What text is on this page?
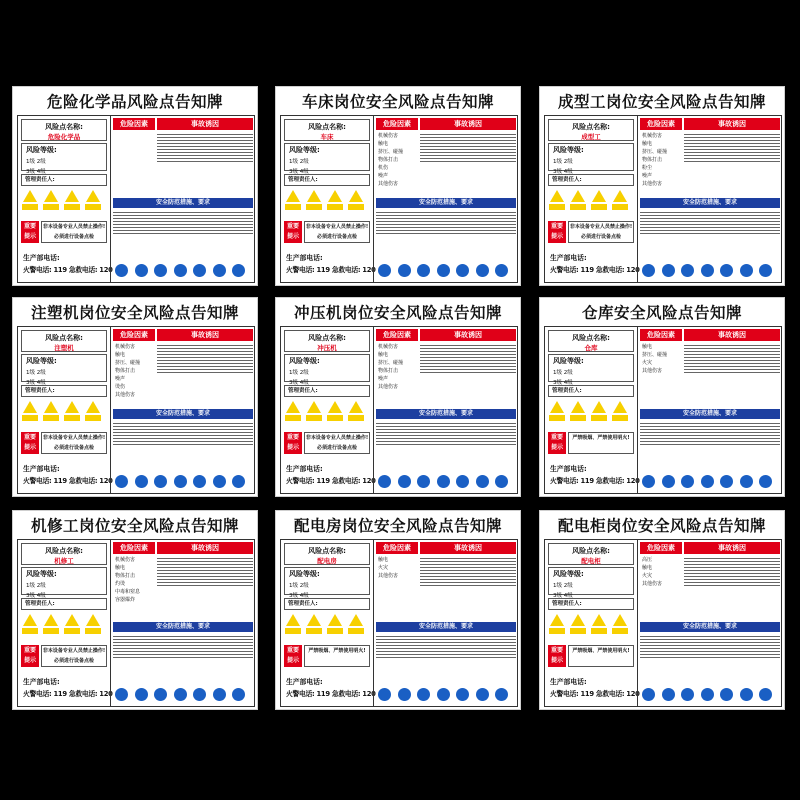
危险化学品风险点告知牌
风险点名称:
危险化学品
风险等级:
1级 2级
3级 4级
管理责任人:
重要
提示
非本设备专业人员禁止操作! 必须进行设备点检
生产部电话:
火警电话: 119 急救电话: 120
危险因素	事故诱因
安全防范措施、要求
车床岗位安全风险点告知牌
风险点名称:
车床
风险等级:
1级 2级
3级 4级
管理责任人:
重要
提示
非本设备专业人员禁止操作! 必须进行设备点检
生产部电话:
火警电话: 119 急救电话: 120
危险因素	事故诱因
机械伤害
触电
挤压、碰撞
物体打击
机伤
噪声
其他伤害
安全防范措施、要求
成型工岗位安全风险点告知牌
风险点名称:
成型工
风险等级:
1级 2级
3级 4级
管理责任人:
重要
提示
非本设备专业人员禁止操作! 必须进行设备点检
生产部电话:
火警电话: 119 急救电话: 120
危险因素	事故诱因
机械伤害
触电
挤压、碰撞
物体打击
粉尘
噪声
其他伤害
安全防范措施、要求
注塑机岗位安全风险点告知牌
风险点名称:
注塑机
风险等级:
1级 2级
3级 4级
管理责任人:
重要
提示
非本设备专业人员禁止操作! 必须进行设备点检
生产部电话:
火警电话: 119 急救电话: 120
危险因素	事故诱因
机械伤害
触电
挤压、碰撞
物体打击
噪声
烫伤
其他伤害
安全防范措施、要求
冲压机岗位安全风险点告知牌
风险点名称:
冲压机
风险等级:
1级 2级
3级 4级
管理责任人:
重要
提示
非本设备专业人员禁止操作! 必须进行设备点检
生产部电话:
火警电话: 119 急救电话: 120
危险因素	事故诱因
机械伤害
触电
挤压、碰撞
物体打击
噪声
其他伤害
安全防范措施、要求
仓库安全风险点告知牌
风险点名称:
仓库
风险等级:
1级 2级
3级 4级
管理责任人:
重要
提示
严禁吸烟、严禁使用明火!
生产部电话:
火警电话: 119 急救电话: 120
危险因素	事故诱因
触电
挤压、碰撞
火灾
其他伤害
安全防范措施、要求
机修工岗位安全风险点告知牌
风险点名称:
机修工
风险等级:
1级 2级
3级 4级
管理责任人:
重要
提示
非本设备专业人员禁止操作! 必须进行设备点检
生产部电话:
火警电话: 119 急救电话: 120
危险因素	事故诱因
机械伤害
触电
物体打击
灼烫
中毒和窒息
容器爆炸
安全防范措施、要求
配电房岗位安全风险点告知牌
风险点名称:
配电房
风险等级:
1级 2级
3级 4级
管理责任人:
重要
提示
严禁吸烟、严禁使用明火!
生产部电话:
火警电话: 119 急救电话: 120
危险因素	事故诱因
触电
火灾
其他伤害
安全防范措施、要求
配电柜岗位安全风险点告知牌
风险点名称:
配电柜
风险等级:
1级 2级
3级 4级
管理责任人:
重要
提示
严禁吸烟、严禁使用明火!
生产部电话:
火警电话: 119 急救电话: 120
危险因素	事故诱因
高压
触电
火灾
其他伤害
安全防范措施、要求
